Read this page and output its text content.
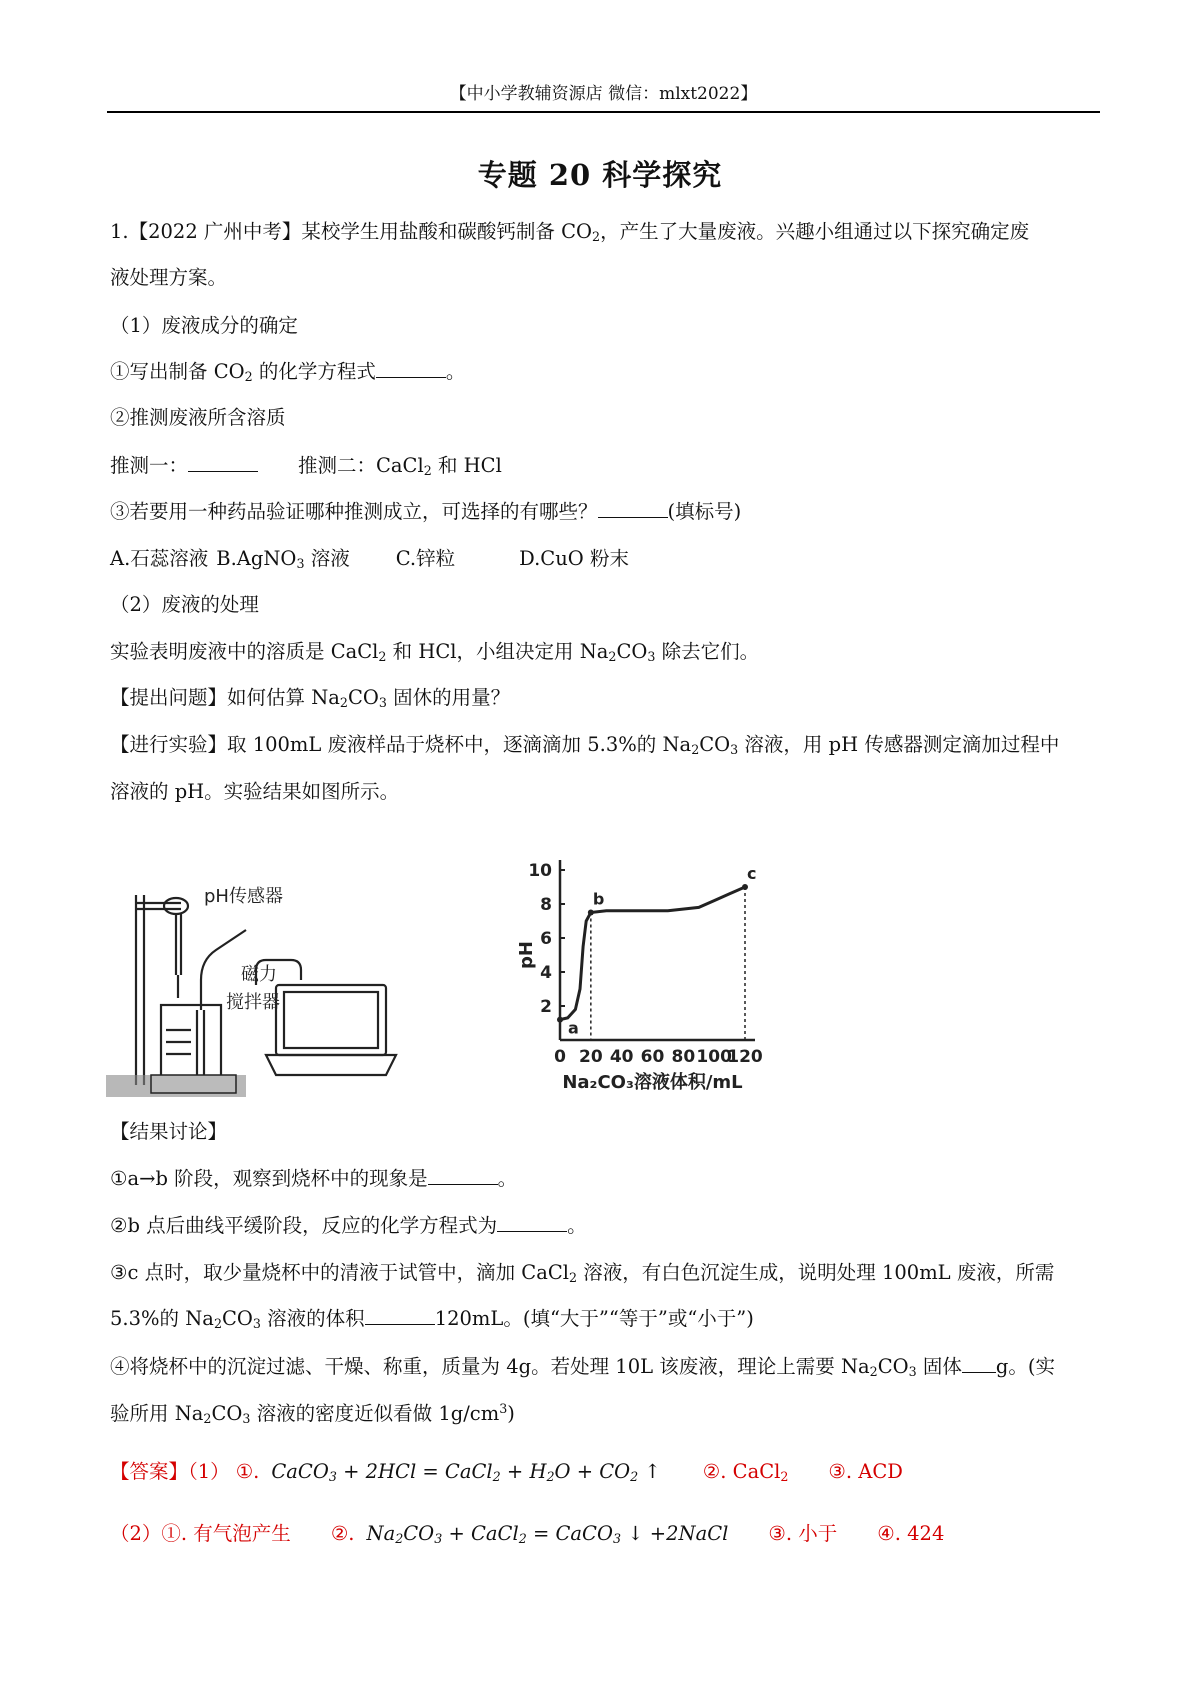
【中小学教辅资源店 微信：mlxt2022】
专题 20 科学探究
1.【2022 广州中考】某校学生用盐酸和碳酸钙制备 $CO_2$，产生了大量废液。兴趣小组通过以下探究确定废
液处理方案。
（1）废液成分的确定
①写出制备 $CO_2$ 的化学方程式	。
②推测废液所含溶质
推测一：	推测二：CaCl$_2$ 和 HCl
③若要用一种药品验证哪种推测成立，可选择的有哪些？	(填标号)
A.石蕊溶液 B.AgNO$_3$ 溶液 C.锌粒	D.CuO 粉末
（2）废液的处理
实验表明废液中的溶质是 CaCl$_2$ 和 HCl，小组决定用 $Na_2CO_3$ 除去它们。
【提出问题】如何估算 $Na_2CO_3$ 固休的用量？
【进行实验】取 100mL 废液样品于烧杯中，逐滴滴加 5.3%的 $Na_2CO_3$ 溶液，用 pH 传感器测定滴加过程中
溶液的 pH。实验结果如图所示。
pH传感器
磁力
搅拌器	2
4
6
8
10
0 20 40 60 80 100
120
pH
Na₂CO₃溶液体积/mL
a
b
c
【结果讨论】
①a→b 阶段，观察到烧杯中的现象是	。
②b 点后曲线平缓阶段，反应的化学方程式为	。
③c 点时，取少量烧杯中的清液于试管中，滴加 CaCl$_2$ 溶液，有白色沉淀生成，说明处理 100mL 废液，所需
5.3%的 $Na_2CO_3$ 溶液的体积	120mL。(填“大于”“等于”或“小于”)
④将烧杯中的沉淀过滤、干燥、称重，质量为 4g。若处理 10L 该废液，理论上需要 $Na_2CO_3$ 固体 g。(实
验所用 $Na_2CO_3$ 溶液的密度近似看做 $1g/cm^3$)
【答案】（1） ①. CaCO$_3$ + 2HCl = CaCl$_2$ + $H_2O + CO_2$ ↑ ②. CaCl$_2$ ③. ACD
（2）①. 有气泡产生 ②. $Na_2CO_3$ + CaCl$_2$ = CaCO$_3$ ↓ +2NaCl ③. 小于 ④. 424
